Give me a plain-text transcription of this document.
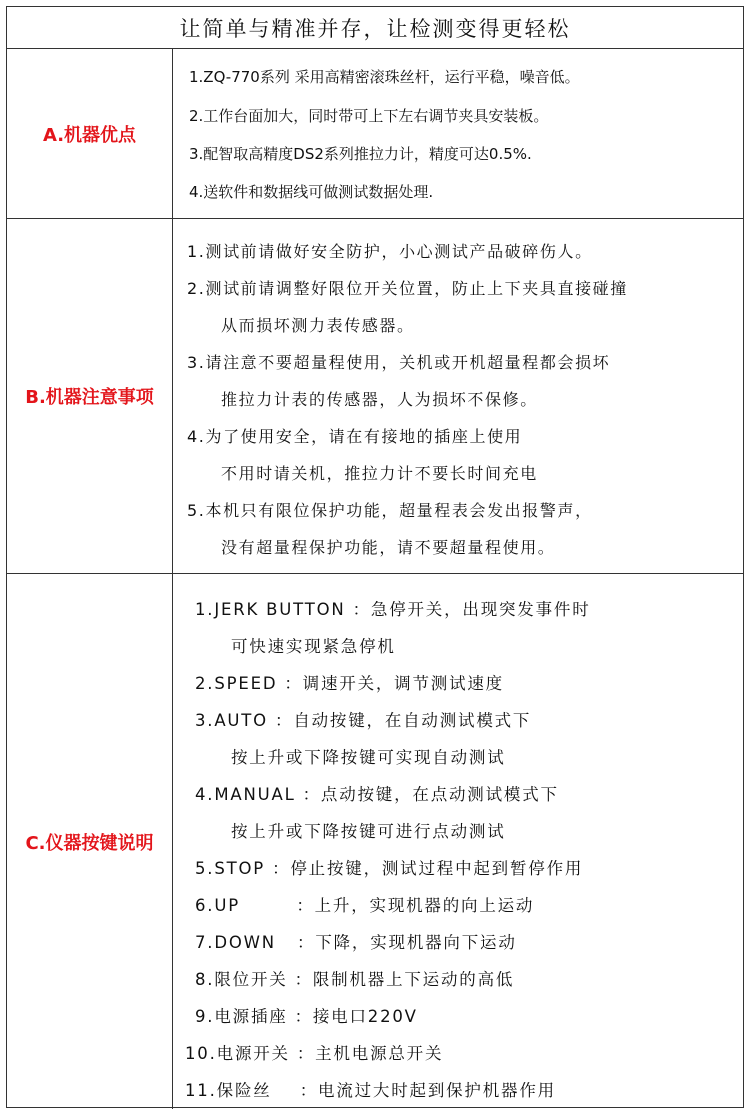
让简单与精准并存，让检测变得更轻松
A.机器优点
1.ZQ-770系列 采用高精密滚珠丝杆，运行平稳，噪音低。
2.工作台面加大，同时带可上下左右调节夹具安装板。
3.配智取高精度DS2系列推拉力计，精度可达0.5%.
4.送软件和数据线可做测试数据处理.
B.机器注意事项
1.测试前请做好安全防护，小心测试产品破碎伤人。
2.测试前请调整好限位开关位置，防止上下夹具直接碰撞
从而损坏测力表传感器。
3.请注意不要超量程使用，关机或开机超量程都会损坏
推拉力计表的传感器，人为损坏不保修。
4.为了使用安全，请在有接地的插座上使用
不用时请关机，推拉力计不要长时间充电
5.本机只有限位保护功能，超量程表会发出报警声，
没有超量程保护功能，请不要超量程使用。
C.仪器按键说明
1.JERK BUTTON ：急停开关，出现突发事件时
可快速实现紧急停机
2.SPEED ：调速开关，调节测试速度
3.AUTO ：自动按键，在自动测试模式下
按上升或下降按键可实现自动测试
4.MANUAL ：点动按键，在点动测试模式下
按上升或下降按键可进行点动测试
5.STOP ：停止按键，测试过程中起到暂停作用
6.UP        ：上升，实现机器的向上运动
7.DOWN   ：下降，实现机器向下运动
8.限位开关 ：限制机器上下运动的高低
9.电源插座 ：接电口220V
10.电源开关 ：主机电源总开关
11.保险丝    ：电流过大时起到保护机器作用
